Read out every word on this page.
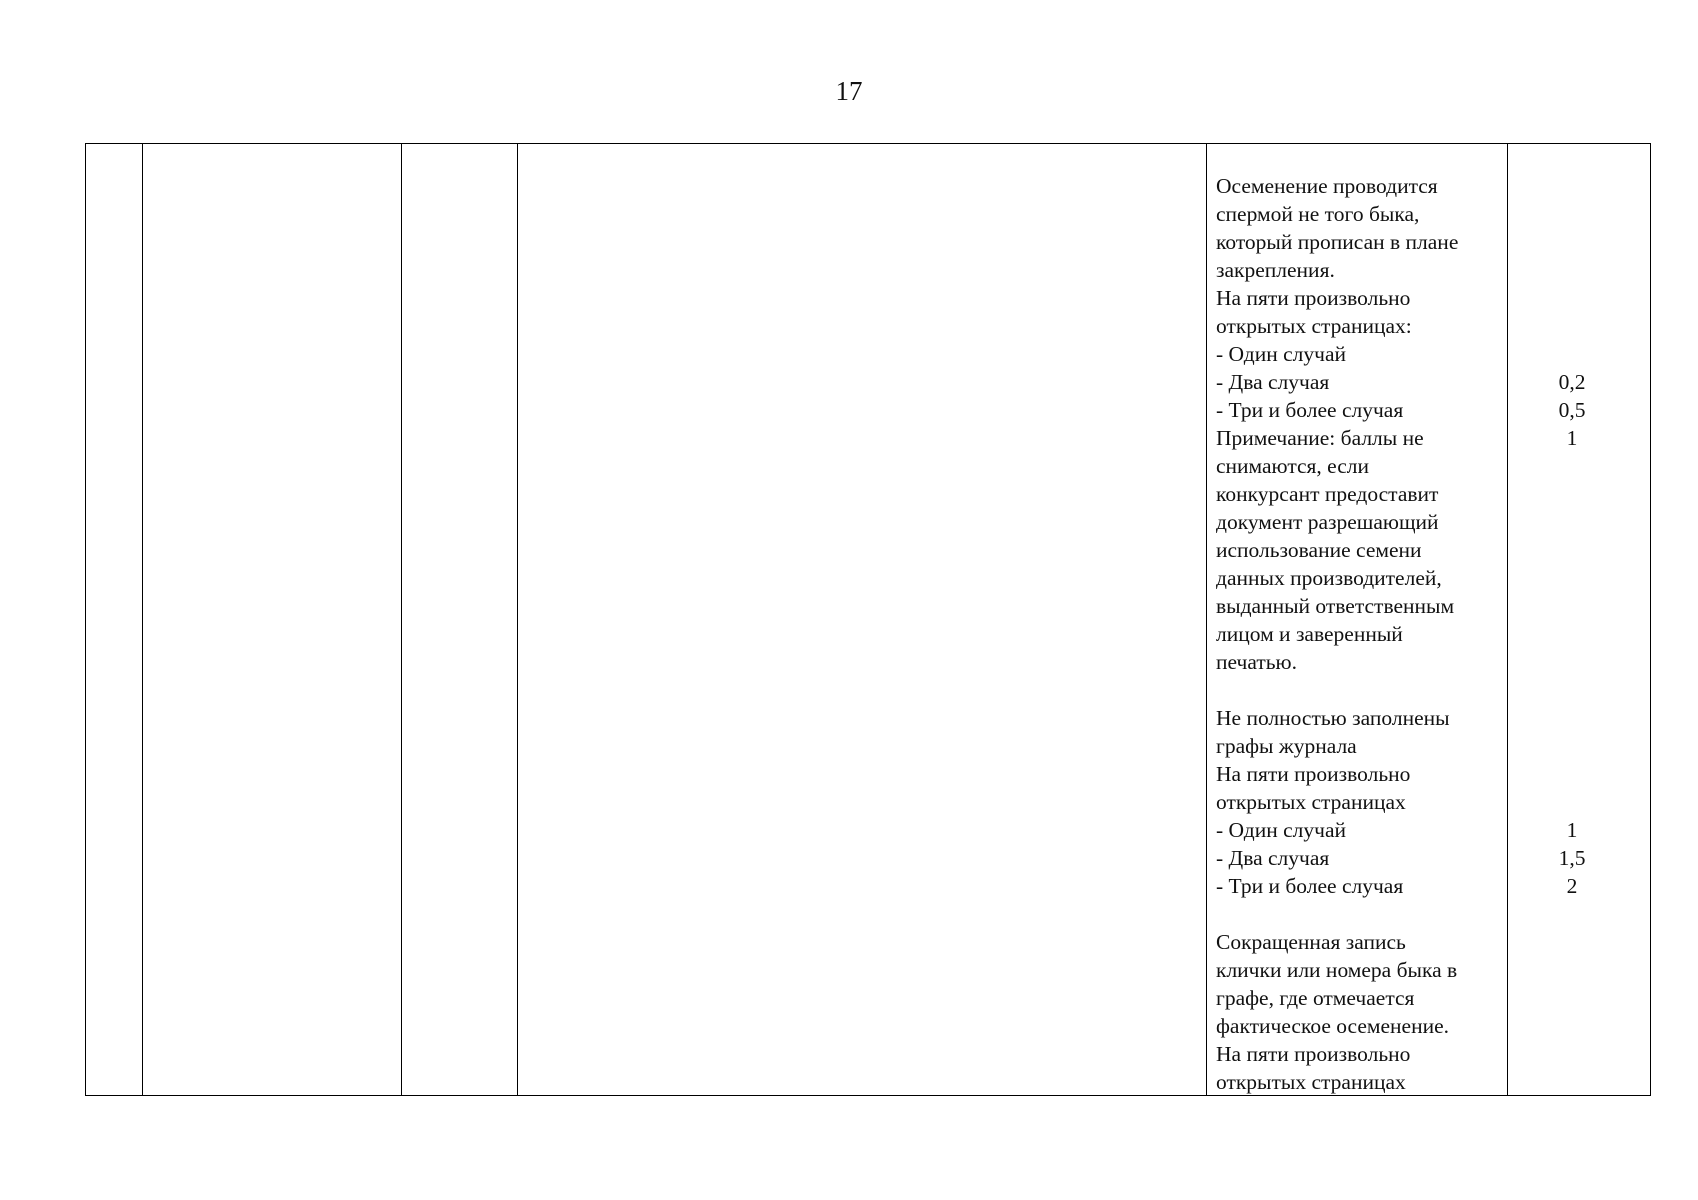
17
Осеменение проводится
спермой не того быка,
который прописан в плане
закрепления.
На пяти произвольно
открытых страницах:
- Один случай
- Два случая
- Три и более случая
Примечание: баллы не
снимаются, если
конкурсант предоставит
документ разрешающий
использование семени
данных производителей,
выданный ответственным
лицом и заверенный
печатью.
Не полностью заполнены
графы журнала
На пяти произвольно
открытых страницах
- Один случай
- Два случая
- Три и более случая
Сокращенная запись
клички или номера быка в
графе, где отмечается
фактическое осеменение.
На пяти произвольно
открытых страницах
0,2
0,5
1
1
1,5
2
